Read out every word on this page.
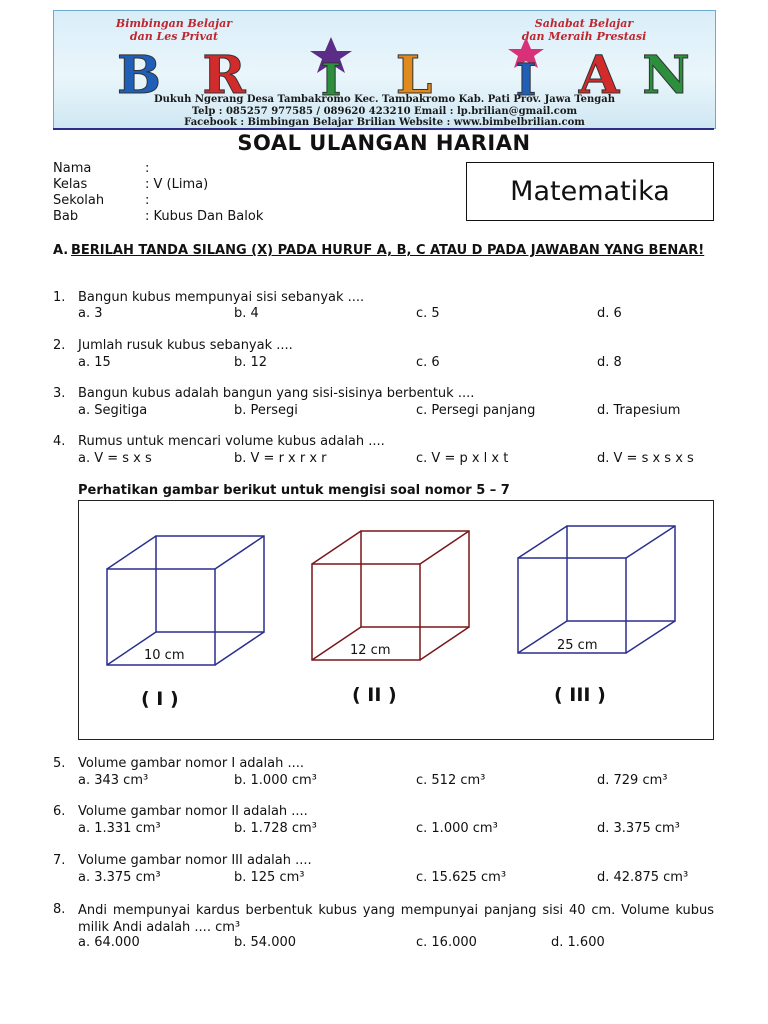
Bimbingan Belajar
dan Les Privat
Sahabat Belajar
dan Meraih Prestasi
B R I L I A N
Dukuh Ngerang Desa Tambakromo Kec. Tambakromo Kab. Pati Prov. Jawa Tengah
Telp : 085257 977585 / 089620 423210 Email : lp.brilian@gmail.com
Facebook : Bimbingan Belajar Brilian Website : www.bimbelbrilian.com
SOAL ULANGAN HARIAN
Nama	:
Kelas	: V (Lima)
Sekolah	:
Bab	: Kubus Dan Balok
Matematika
A. BERILAH TANDA SILANG (X) PADA HURUF A, B, C ATAU D PADA JAWABAN YANG BENAR!
1. Bangun kubus mempunyai sisi sebanyak ....
a. 3	b. 4	c. 5	d. 6
2. Jumlah rusuk kubus sebanyak ....
a. 15	b. 12	c. 6	d. 8
3. Bangun kubus adalah bangun yang sisi-sisinya berbentuk ....
a. Segitiga	b. Persegi	c. Persegi panjang	d. Trapesium
4. Rumus untuk mencari volume kubus adalah ....
a. V = s x s	b. V = r x r x r	c. V = p x l x t	d. V = s x s x s
Perhatikan gambar berikut untuk mengisi soal nomor 5 – 7
10 cm	12 cm	25 cm
( I )	( II )	( III )
5. Volume gambar nomor I adalah ....
a. 343 cm³	b. 1.000 cm³	c. 512 cm³	d. 729 cm³
6. Volume gambar nomor II adalah ....
a. 1.331 cm³	b. 1.728 cm³	c. 1.000 cm³	d. 3.375 cm³
7. Volume gambar nomor III adalah ....
a. 3.375 cm³	b. 125 cm³	c. 15.625 cm³	d. 42.875 cm³
8. Andi mempunyai kardus berbentuk kubus yang mempunyai panjang sisi 40 cm. Volume kubus milik Andi adalah .... cm³
a. 64.000	b. 54.000	c. 16.000	d. 1.600
